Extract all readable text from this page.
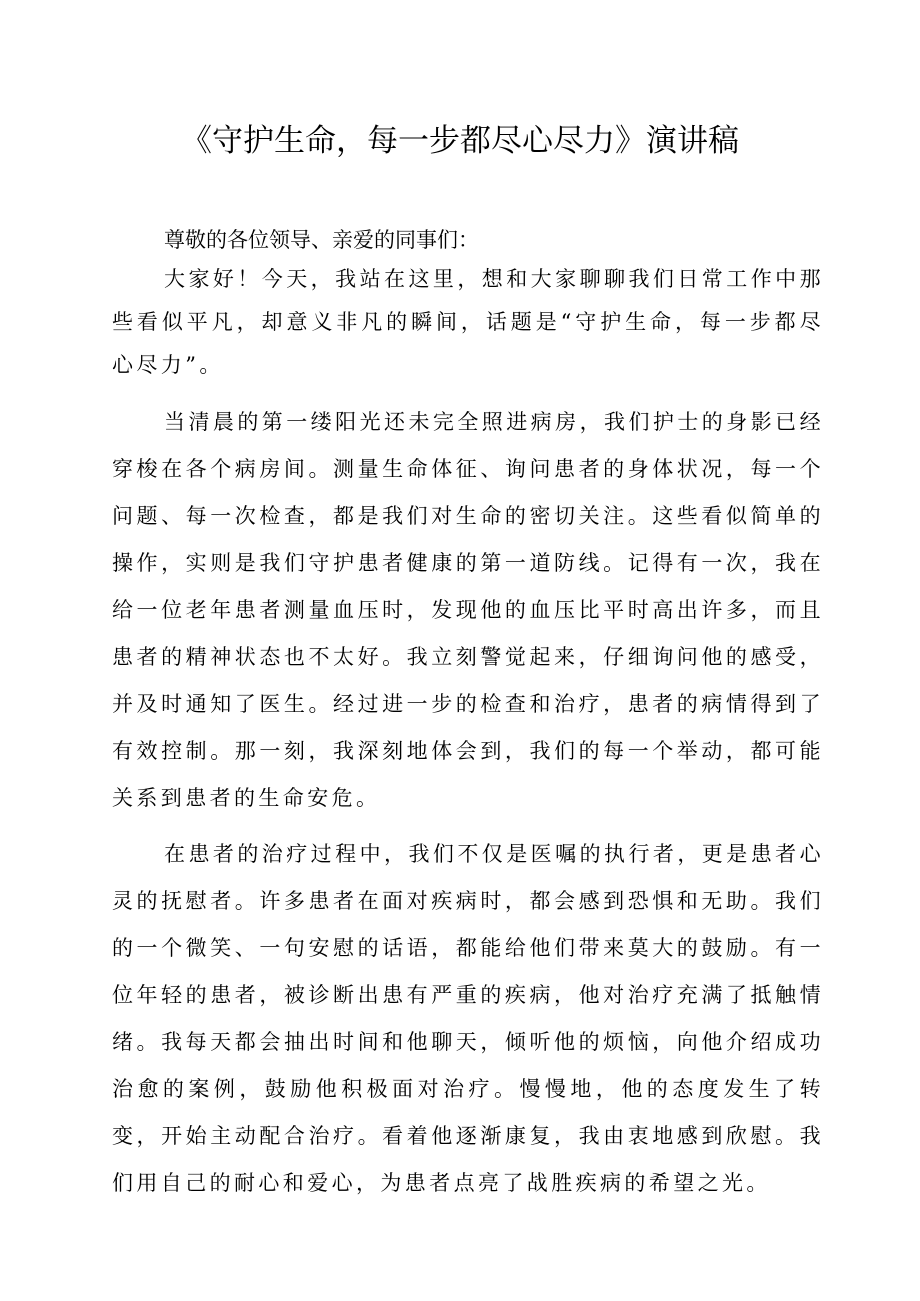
《守护生命，每一步都尽心尽力》演讲稿

尊敬的各位领导、亲爱的同事们：

大家好！今天，我站在这里，想和大家聊聊我们日常工作中那些看似平凡，却意义非凡的瞬间，话题是“守护生命，每一步都尽心尽力”。

当清晨的第一缕阳光还未完全照进病房，我们护士的身影已经穿梭在各个病房间。测量生命体征、询问患者的身体状况，每一个问题、每一次检查，都是我们对生命的密切关注。这些看似简单的操作，实则是我们守护患者健康的第一道防线。记得有一次，我在给一位老年患者测量血压时，发现他的血压比平时高出许多，而且患者的精神状态也不太好。我立刻警觉起来，仔细询问他的感受，并及时通知了医生。经过进一步的检查和治疗，患者的病情得到了有效控制。那一刻，我深刻地体会到，我们的每一个举动，都可能关系到患者的生命安危。

在患者的治疗过程中，我们不仅是医嘱的执行者，更是患者心灵的抚慰者。许多患者在面对疾病时，都会感到恐惧和无助。我们的一个微笑、一句安慰的话语，都能给他们带来莫大的鼓励。有一位年轻的患者，被诊断出患有严重的疾病，他对治疗充满了抵触情绪。我每天都会抽出时间和他聊天，倾听他的烦恼，向他介绍成功治愈的案例，鼓励他积极面对治疗。慢慢地，他的态度发生了转变，开始主动配合治疗。看着他逐渐康复，我由衷地感到欣慰。我们用自己的耐心和爱心，为患者点亮了战胜疾病的希望之光。
